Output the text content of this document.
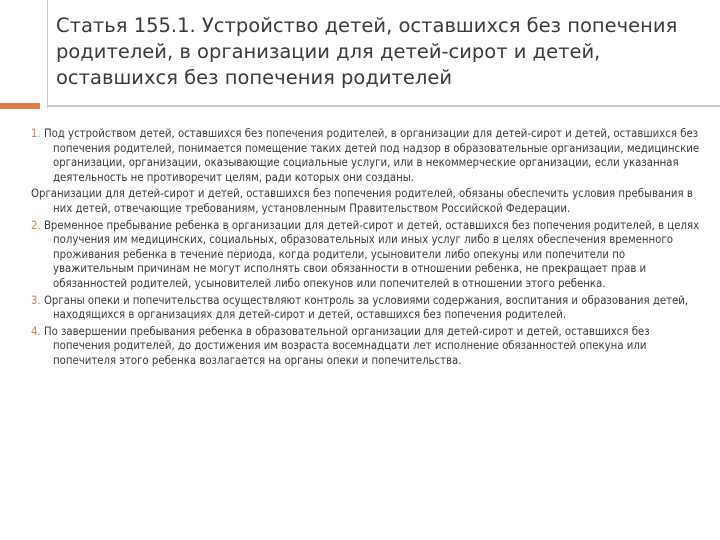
Статья 155.1. Устройство детей, оставшихся без попечения родителей, в организации для детей-сирот и детей, оставшихся без попечения родителей

1. Под устройством детей, оставшихся без попечения родителей, в организации для детей-сирот и детей, оставшихся без попечения родителей, понимается помещение таких детей под надзор в образовательные организации, медицинские организации, организации, оказывающие социальные услуги, или в некоммерческие организации, если указанная деятельность не противоречит целям, ради которых они созданы.

Организации для детей-сирот и детей, оставшихся без попечения родителей, обязаны обеспечить условия пребывания в них детей, отвечающие требованиям, установленным Правительством Российской Федерации.

2. Временное пребывание ребенка в организации для детей-сирот и детей, оставшихся без попечения родителей, в целях получения им медицинских, социальных, образовательных или иных услуг либо в целях обеспечения временного проживания ребенка в течение периода, когда родители, усыновители либо опекуны или попечители по уважительным причинам не могут исполнять свои обязанности в отношении ребенка, не прекращает прав и обязанностей родителей, усыновителей либо опекунов или попечителей в отношении этого ребенка.

3. Органы опеки и попечительства осуществляют контроль за условиями содержания, воспитания и образования детей, находящихся в организациях для детей-сирот и детей, оставшихся без попечения родителей.

4. По завершении пребывания ребенка в образовательной организации для детей-сирот и детей, оставшихся без попечения родителей, до достижения им возраста восемнадцати лет исполнение обязанностей опекуна или попечителя этого ребенка возлагается на органы опеки и попечительства.
